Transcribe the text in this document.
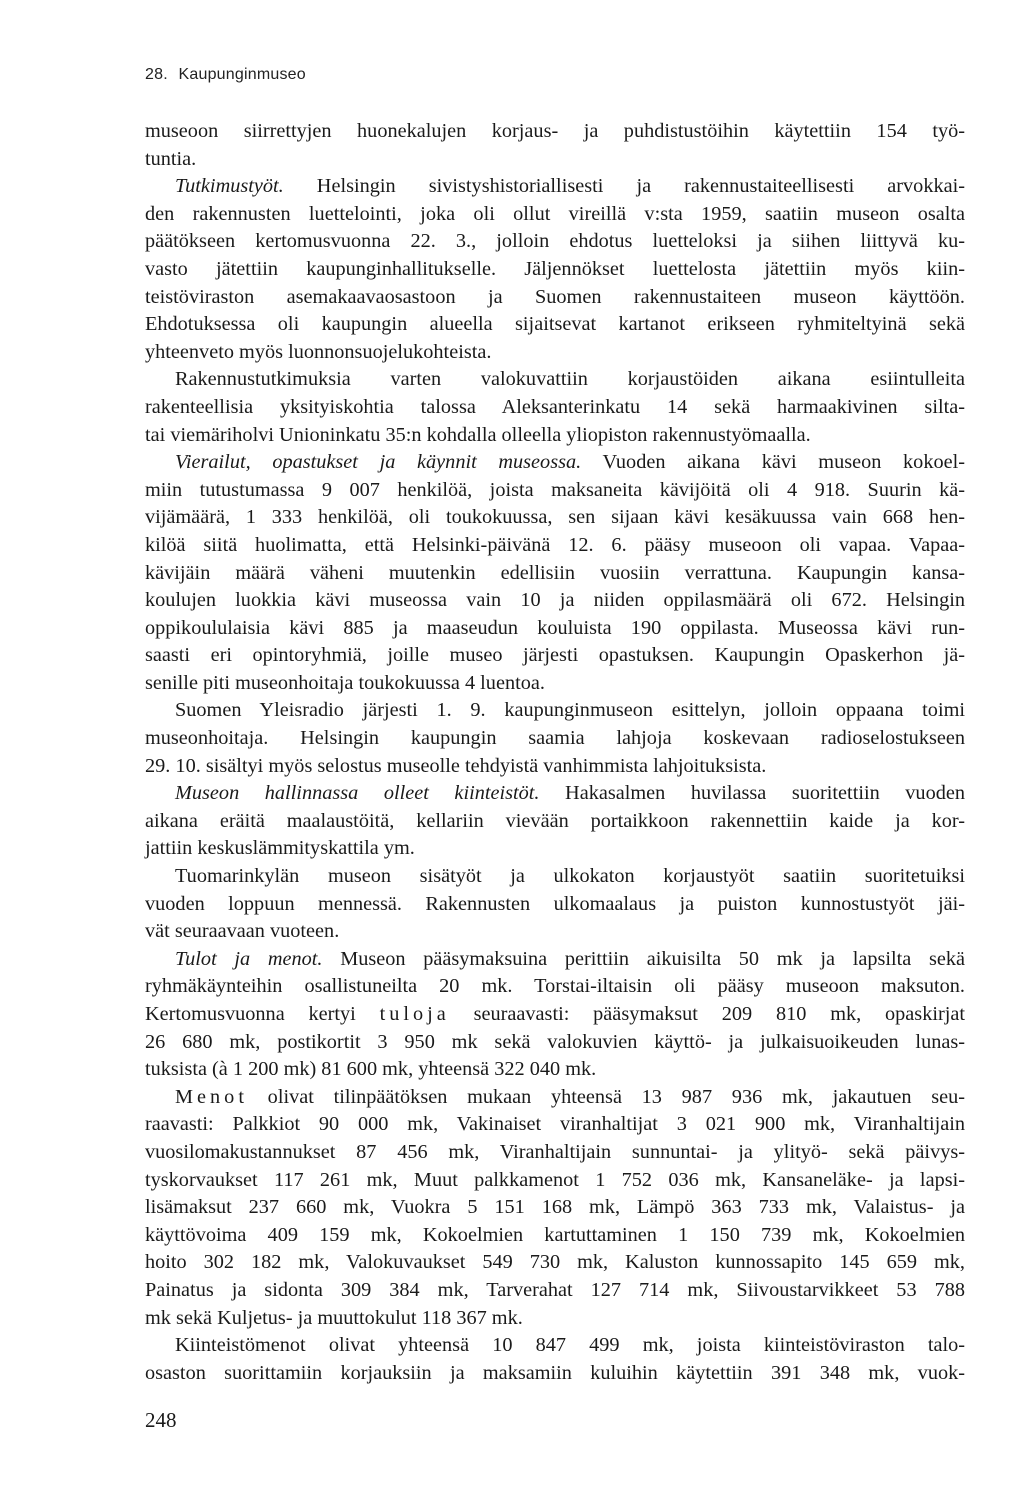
28. Kaupunginmuseo
museoon siirrettyjen huonekalujen korjaus- ja puhdistustöihin käytettiin 154 työ-
tuntia.
Tutkimustyöt. Helsingin sivistyshistoriallisesti ja rakennustaiteellisesti arvokkai-
den rakennusten luettelointi, joka oli ollut vireillä v:sta 1959, saatiin museon osalta
päätökseen kertomusvuonna 22. 3., jolloin ehdotus luetteloksi ja siihen liittyvä ku-
vasto jätettiin kaupunginhallitukselle. Jäljennökset luettelosta jätettiin myös kiin-
teistöviraston asemakaavaosastoon ja Suomen rakennustaiteen museon käyttöön.
Ehdotuksessa oli kaupungin alueella sijaitsevat kartanot erikseen ryhmiteltyinä sekä
yhteenveto myös luonnonsuojelukohteista.
Rakennustutkimuksia varten valokuvattiin korjaustöiden aikana esiintulleita
rakenteellisia yksityiskohtia talossa Aleksanterinkatu 14 sekä harmaakivinen silta-
tai viemäriholvi Unioninkatu 35:n kohdalla olleella yliopiston rakennustyömaalla.
Vierailut, opastukset ja käynnit museossa. Vuoden aikana kävi museon kokoel-
miin tutustumassa 9 007 henkilöä, joista maksaneita kävijöitä oli 4 918. Suurin kä-
vijämäärä, 1 333 henkilöä, oli toukokuussa, sen sijaan kävi kesäkuussa vain 668 hen-
kilöä siitä huolimatta, että Helsinki-päivänä 12. 6. pääsy museoon oli vapaa. Vapaa-
kävijäin määrä väheni muutenkin edellisiin vuosiin verrattuna. Kaupungin kansa-
koulujen luokkia kävi museossa vain 10 ja niiden oppilasmäärä oli 672. Helsingin
oppikoululaisia kävi 885 ja maaseudun kouluista 190 oppilasta. Museossa kävi run-
saasti eri opintoryhmiä, joille museo järjesti opastuksen. Kaupungin Opaskerhon jä-
senille piti museonhoitaja toukokuussa 4 luentoa.
Suomen Yleisradio järjesti 1. 9. kaupunginmuseon esittelyn, jolloin oppaana toimi
museonhoitaja. Helsingin kaupungin saamia lahjoja koskevaan radioselostukseen
29. 10. sisältyi myös selostus museolle tehdyistä vanhimmista lahjoituksista.
Museon hallinnassa olleet kiinteistöt. Hakasalmen huvilassa suoritettiin vuoden
aikana eräitä maalaustöitä, kellariin vievään portaikkoon rakennettiin kaide ja kor-
jattiin keskuslämmityskattila ym.
Tuomarinkylän museon sisätyöt ja ulkokaton korjaustyöt saatiin suoritetuiksi
vuoden loppuun mennessä. Rakennusten ulkomaalaus ja puiston kunnostustyöt jäi-
vät seuraavaan vuoteen.
Tulot ja menot. Museon pääsymaksuina perittiin aikuisilta 50 mk ja lapsilta sekä
ryhmäkäynteihin osallistuneilta 20 mk. Torstai-iltaisin oli pääsy museoon maksuton.
Kertomusvuonna kertyi tuloja seuraavasti: pääsymaksut 209 810 mk, opaskirjat
26 680 mk, postikortit 3 950 mk sekä valokuvien käyttö- ja julkaisuoikeuden lunas-
tuksista (à 1 200 mk) 81 600 mk, yhteensä 322 040 mk.
Menot olivat tilinpäätöksen mukaan yhteensä 13 987 936 mk, jakautuen seu-
raavasti: Palkkiot 90 000 mk, Vakinaiset viranhaltijat 3 021 900 mk, Viranhaltijain
vuosilomakustannukset 87 456 mk, Viranhaltijain sunnuntai- ja ylityö- sekä päivys-
tyskorvaukset 117 261 mk, Muut palkkamenot 1 752 036 mk, Kansaneläke- ja lapsi-
lisämaksut 237 660 mk, Vuokra 5 151 168 mk, Lämpö 363 733 mk, Valaistus- ja
käyttövoima 409 159 mk, Kokoelmien kartuttaminen 1 150 739 mk, Kokoelmien
hoito 302 182 mk, Valokuvaukset 549 730 mk, Kaluston kunnossapito 145 659 mk,
Painatus ja sidonta 309 384 mk, Tarverahat 127 714 mk, Siivoustarvikkeet 53 788
mk sekä Kuljetus- ja muuttokulut 118 367 mk.
Kiinteistömenot olivat yhteensä 10 847 499 mk, joista kiinteistöviraston talo-
osaston suorittamiin korjauksiin ja maksamiin kuluihin käytettiin 391 348 mk, vuok-
248
